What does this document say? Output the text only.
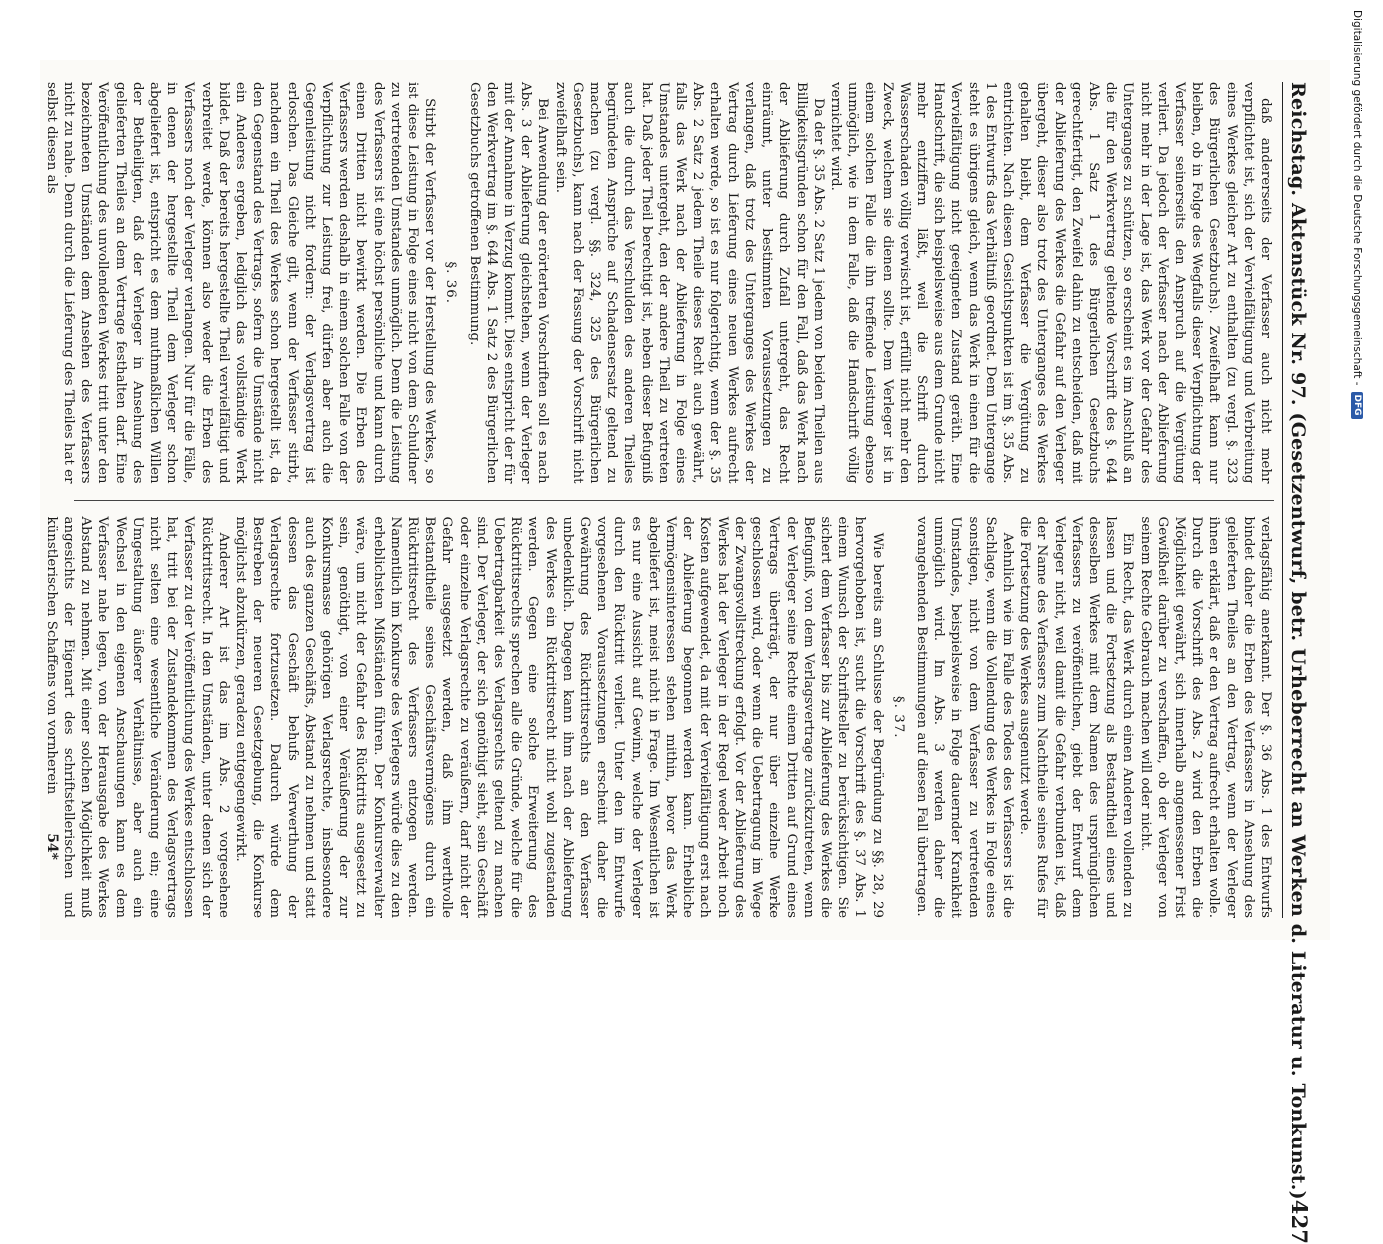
Reichstag. Aktenstück Nr. 97. (Gesetzentwurf, betr. Urheberrecht an Werken d. Literatur u. Tonkunst.)
427

daß andererseits der Verfasser auch nicht mehr verpflichtet ist, sich der Vervielfältigung und Verbreitung eines Werkes gleicher Art zu enthalten (zu vergl. §. 323 des Bürgerlichen Gesetzbuchs). Zweifelhaft kann nur bleiben, ob in Folge des Wegfalls dieser Verpflichtung der Verfasser seinerseits den Anspruch auf die Vergütung verliert. Da jedoch der Verfasser nach der Ablieferung nicht mehr in der Lage ist, das Werk vor der Gefahr des Unterganges zu schützen, so erscheint es im Anschluß an die für den Werkvertrag geltende Vorschrift des §. 644 Abs. 1 Satz 1 des Bürgerlichen Gesetzbuchs gerechtfertigt, den Zweifel dahin zu entscheiden, daß mit der Ablieferung des Werkes die Gefahr auf den Verleger übergeht, dieser also trotz des Unterganges des Werkes gehalten bleibt, dem Verfasser die Vergütung zu entrichten. Nach diesen Gesichtspunkten ist im §. 35 Abs. 1 des Entwurfs das Verhältniß geordnet. Dem Untergange steht es übrigens gleich, wenn das Werk in einen für die Vervielfältigung nicht geeigneten Zustand geräth. Eine Handschrift, die sich beispielsweise aus dem Grunde nicht mehr entziffern läßt, weil die Schrift durch Wasserschaden völlig verwischt ist, erfüllt nicht mehr den Zweck, welchem sie dienen sollte. Dem Verleger ist in einem solchen Falle die ihn treffende Leistung ebenso unmöglich, wie in dem Falle, daß die Handschrift völlig vernichtet wird.

Da der §. 35 Abs. 2 Satz 1 jedem von beiden Theilen aus Billigkeitsgründen schon für den Fall, daß das Werk nach der Ablieferung durch Zufall untergeht, das Recht einräumt, unter bestimmten Voraussetzungen zu verlangen, daß trotz des Unterganges des Werkes der Vertrag durch Lieferung eines neuen Werkes aufrecht erhalten werde, so ist es nur folgerichtig, wenn der §. 35 Abs. 2 Satz 2 jedem Theile dieses Recht auch gewährt, falls das Werk nach der Ablieferung in Folge eines Umstandes untergeht, den der andere Theil zu vertreten hat. Daß jeder Theil berechtigt ist, neben dieser Befugniß auch die durch das Verschulden des anderen Theiles begründeten Ansprüche auf Schadensersatz geltend zu machen (zu vergl. §§. 324, 325 des Bürgerlichen Gesetzbuchs), kann nach der Fassung der Vorschrift nicht zweifelhaft sein.

Bei Anwendung der erörterten Vorschriften soll es nach Abs. 3 der Ablieferung gleichstehen, wenn der Verleger mit der Annahme in Verzug kommt. Dies entspricht der für den Werkvertrag im §. 644 Abs. 1 Satz 2 des Bürgerlichen Gesetzbuchs getroffenen Bestimmung.

§. 36.

Stirbt der Verfasser vor der Herstellung des Werkes, so ist diese Leistung in Folge eines nicht von dem Schuldner zu vertretenden Umstandes unmöglich. Denn die Leistung des Verfassers ist eine höchst persönliche und kann durch einen Dritten nicht bewirkt werden. Die Erben des Verfassers werden deshalb in einem solchen Falle von der Verpflichtung zur Leistung frei, dürfen aber auch die Gegenleistung nicht fordern: der Verlagsvertrag ist erloschen. Das Gleiche gilt, wenn der Verfasser stirbt, nachdem ein Theil des Werkes schon hergestellt ist, da den Gegenstand des Vertrags, sofern die Umstände nicht ein Anderes ergeben, lediglich das vollständige Werk bildet. Daß der bereits hergestellte Theil vervielfältigt und verbreitet werde, können also weder die Erben des Verfassers noch der Verleger verlangen. Nur für die Fälle, in denen der hergestellte Theil dem Verleger schon abgeliefert ist, entspricht es dem muthmaßlichen Willen der Betheiligten, daß der Verleger in Ansehung des gelieferten Theiles an dem Vertrage festhalten darf. Eine Veröffentlichung des unvollendeten Werkes tritt unter den bezeichneten Umständen dem Ansehen des Verfassers nicht zu nahe. Denn durch die Lieferung des Theiles hat er selbst diesen als

verlagsfähig anerkannt. Der §. 36 Abs. 1 des Entwurfs bindet daher die Erben des Verfassers in Ansehung des gelieferten Theiles an den Vertrag, wenn der Verleger ihnen erklärt, daß er den Vertrag aufrecht erhalten wolle. Durch die Vorschrift des Abs. 2 wird den Erben die Möglichkeit gewährt, sich innerhalb angemessener Frist Gewißheit darüber zu verschaffen, ob der Verleger von seinem Rechte Gebrauch machen will oder nicht.

Ein Recht, das Werk durch einen Anderen vollenden zu lassen und die Fortsetzung als Bestandtheil eines und desselben Werkes mit dem Namen des ursprünglichen Verfassers zu veröffentlichen, giebt der Entwurf dem Verleger nicht, weil damit die Gefahr verbunden ist, daß der Name des Verfassers zum Nachtheile seines Rufes für die Fortsetzung des Werkes ausgenutzt werde.

Aehnlich wie im Falle des Todes des Verfassers ist die Sachlage, wenn die Vollendung des Werkes in Folge eines sonstigen, nicht von dem Verfasser zu vertretenden Umstandes, beispielsweise in Folge dauernder Krankheit unmöglich wird. Im Abs. 3 werden daher die vorangehenden Bestimmungen auf diesen Fall übertragen.

§. 37.

Wie bereits am Schlusse der Begründung zu §§. 28, 29 hervorgehoben ist, sucht die Vorschrift des §. 37 Abs. 1 einem Wunsch der Schriftsteller zu berücksichtigen. Sie sichert dem Verfasser bis zur Ablieferung des Werkes die Befugniß, von dem Verlagsvertrage zurückzutreten, wenn der Verleger seine Rechte einem Dritten auf Grund eines Vertrags überträgt, der nur über einzelne Werke geschlossen wird, oder wenn die Uebertragung im Wege der Zwangsvollstreckung erfolgt. Vor der Ablieferung des Werkes hat der Verleger in der Regel weder Arbeit noch Kosten aufgewendet, da mit der Vervielfältigung erst nach der Ablieferung begonnen werden kann. Erhebliche Vermögensinteressen stehen mithin, bevor das Werk abgeliefert ist, meist nicht in Frage. Im Wesentlichen ist es nur eine Aussicht auf Gewinn, welche der Verleger durch den Rücktritt verliert. Unter den im Entwurfe vorgesehenen Voraussetzungen erscheint daher die Gewährung des Rücktrittsrechts an den Verfasser unbedenklich. Dagegen kann ihm nach der Ablieferung des Werkes ein Rücktrittsrecht nicht wohl zugestanden werden. Gegen eine solche Erweiterung des Rücktrittsrechts sprechen alle die Gründe, welche für die Uebertragbarkeit des Verlagsrechts geltend zu machen sind. Der Verleger, der sich genöthigt sieht, sein Geschäft oder einzelne Verlagsrechte zu veräußern, darf nicht der Gefahr ausgesetzt werden, daß ihm werthvolle Bestandtheile seines Geschäftsvermögens durch ein Rücktrittsrecht des Verfassers entzogen werden. Namentlich im Konkurse des Verlegers würde dies zu den erheblichsten Mißständen führen. Der Konkursverwalter wäre, um nicht der Gefahr des Rücktritts ausgesetzt zu sein, genöthigt, von einer Veräußerung der zur Konkursmasse gehörigen Verlagsrechte, insbesondere auch des ganzen Geschäfts, Abstand zu nehmen und statt dessen das Geschäft behufs Verwerthung der Verlagsrechte fortzusetzen. Dadurch würde dem Bestreben der neueren Gesetzgebung, die Konkurse möglichst abzukürzen, geradezu entgegengewirkt.

Anderer Art ist das im Abs. 2 vorgesehene Rücktrittsrecht. In den Umständen, unter denen sich der Verfasser zu der Veröffentlichung des Werkes entschlossen hat, tritt bei der Zustandekommen des Verlagsvertrags nicht selten eine wesentliche Veränderung ein; eine Umgestaltung äußerer Verhältnisse, aber auch ein Wechsel in den eigenen Anschauungen kann es dem Verfasser nahe legen, von der Herausgabe des Werkes Abstand zu nehmen. Mit einer solchen Möglichkeit muß angesichts der Eigenart des schriftstellerischen und künstlerischen Schaffens von vornherein

54*
Digitalisierung gefördert durch die Deutsche Forschungsgemeinschaft -
DFG
